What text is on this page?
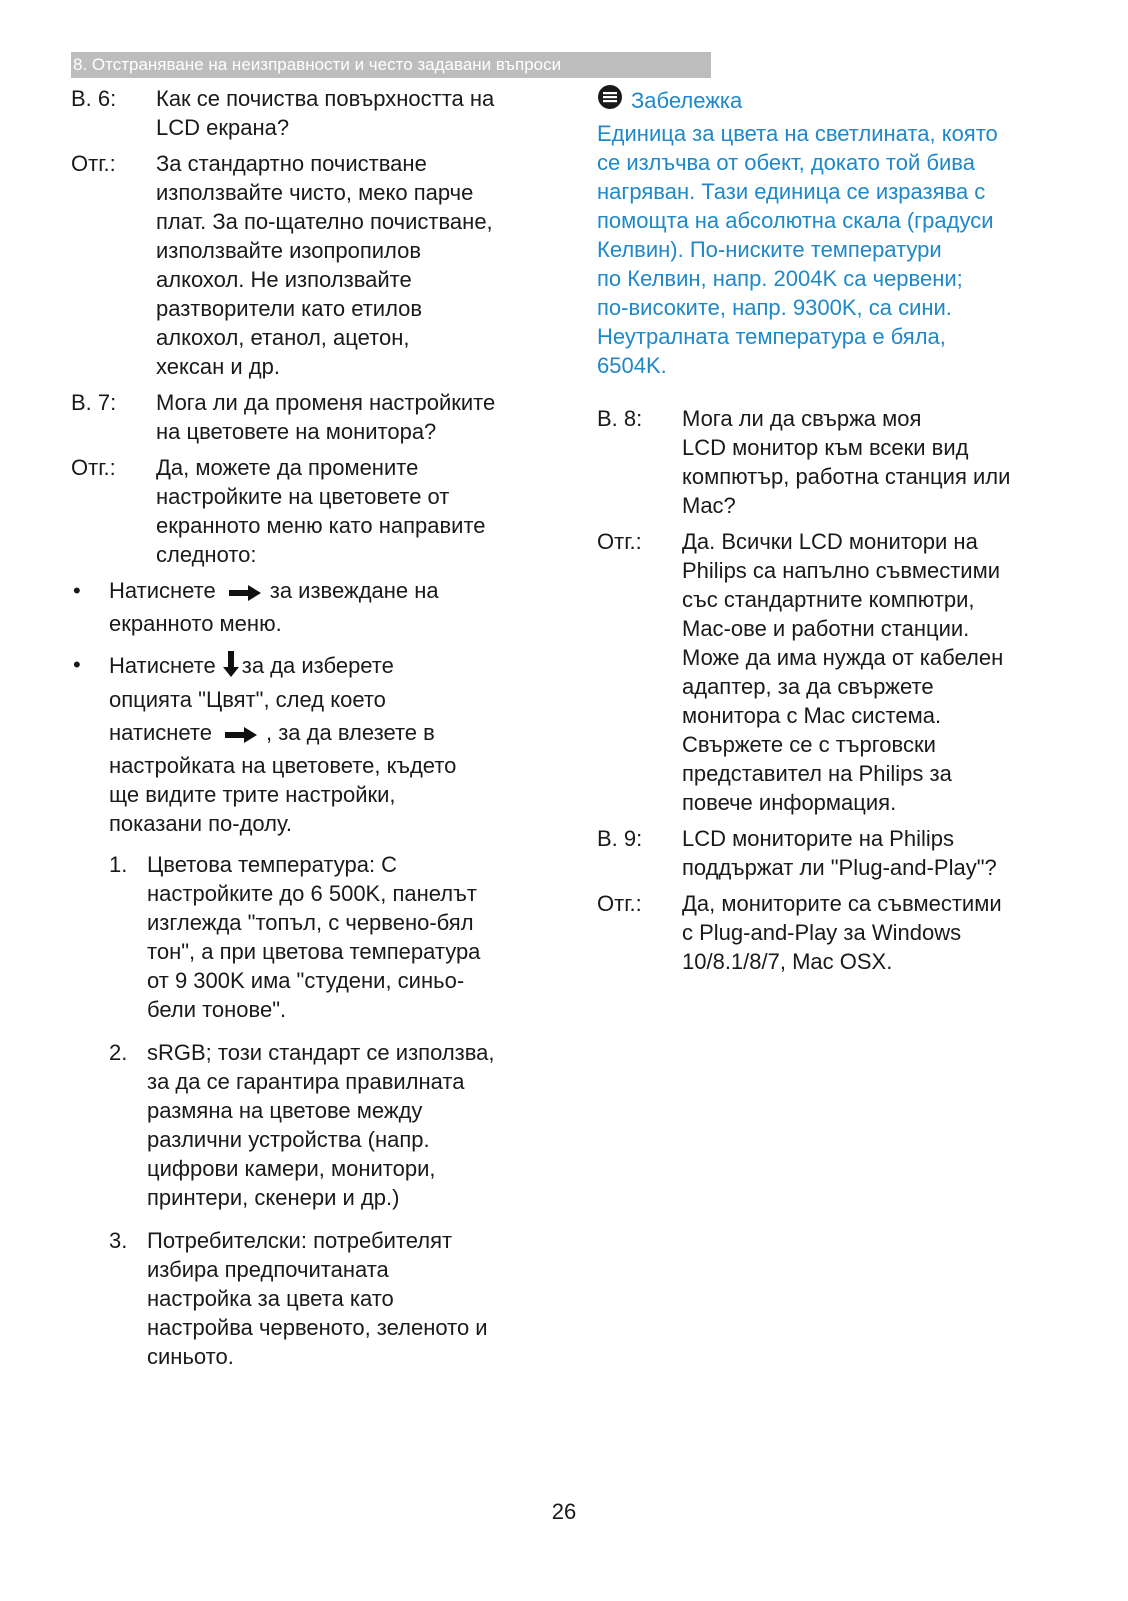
8. Отстраняване на неизправности и често задавани въпроси
В. 6:	Как се почиства повърхността на
LCD екрана?
Отг.:	За стандартно почистване
използвайте чисто, меко парче
плат. За по-щателно почистване,
използвайте изопропилов
алкохол. Не използвайте
разтворители като етилов
алкохол, етанол, ацетон,
хексан и др.
В. 7:	Мога ли да променя настройките
на цветовете на монитора?
Отг.:	Да, можете да промените
настройките на цветовете от
екранното меню като направите
следното:
•	Натиснете за извеждане на
екранното меню.
•	Натиснете за да изберете
опцията "Цвят", след което
натиснете , за да влезете в
настройката на цветовете, където
ще видите трите настройки,
показани по-долу.
1. Цветова температура: С
настройките до 6 500K, панелът
изглежда "топъл, с червено-бял
тон", а при цветова температура
от 9 300K има "студени, синьо-
бели тонове".
2. sRGB; този стандарт се използва,
за да се гарантира правилната
размяна на цветове между
различни устройства (напр.
цифрови камери, монитори,
принтери, скенери и др.)
3. Потребителски: потребителят
избира предпочитаната
настройка за цвета като
настройва червеното, зеленото и
синьото.
Забележка
Единица за цвета на светлината, която
се излъчва от обект, докато той бива
нагряван. Тази единица се изразява с
помощта на абсолютна скала (градуси
Келвин). По-ниските температури
по Келвин, напр. 2004K са червени;
по-високите, напр. 9300K, са сини.
Неутралната температура е бяла,
6504K.
В. 8:	Мога ли да свържа моя
LCD монитор към всеки вид
компютър, работна станция или
Mac?
Отг.:	Да. Всички LCD монитори на
Philips са напълно съвместими
със стандартните компютри,
Mac-ове и работни станции.
Може да има нужда от кабелен
адаптер, за да свържете
монитора с Mac система.
Свържете се с търговски
представител на Philips за
повече информация.
В. 9:	LCD мониторите на Philips
поддържат ли "Plug-and-Play"?
Отг.:	Да, мониторите са съвместими
с Plug-and-Play за Windows
10/8.1/8/7, Mac OSX.
26
